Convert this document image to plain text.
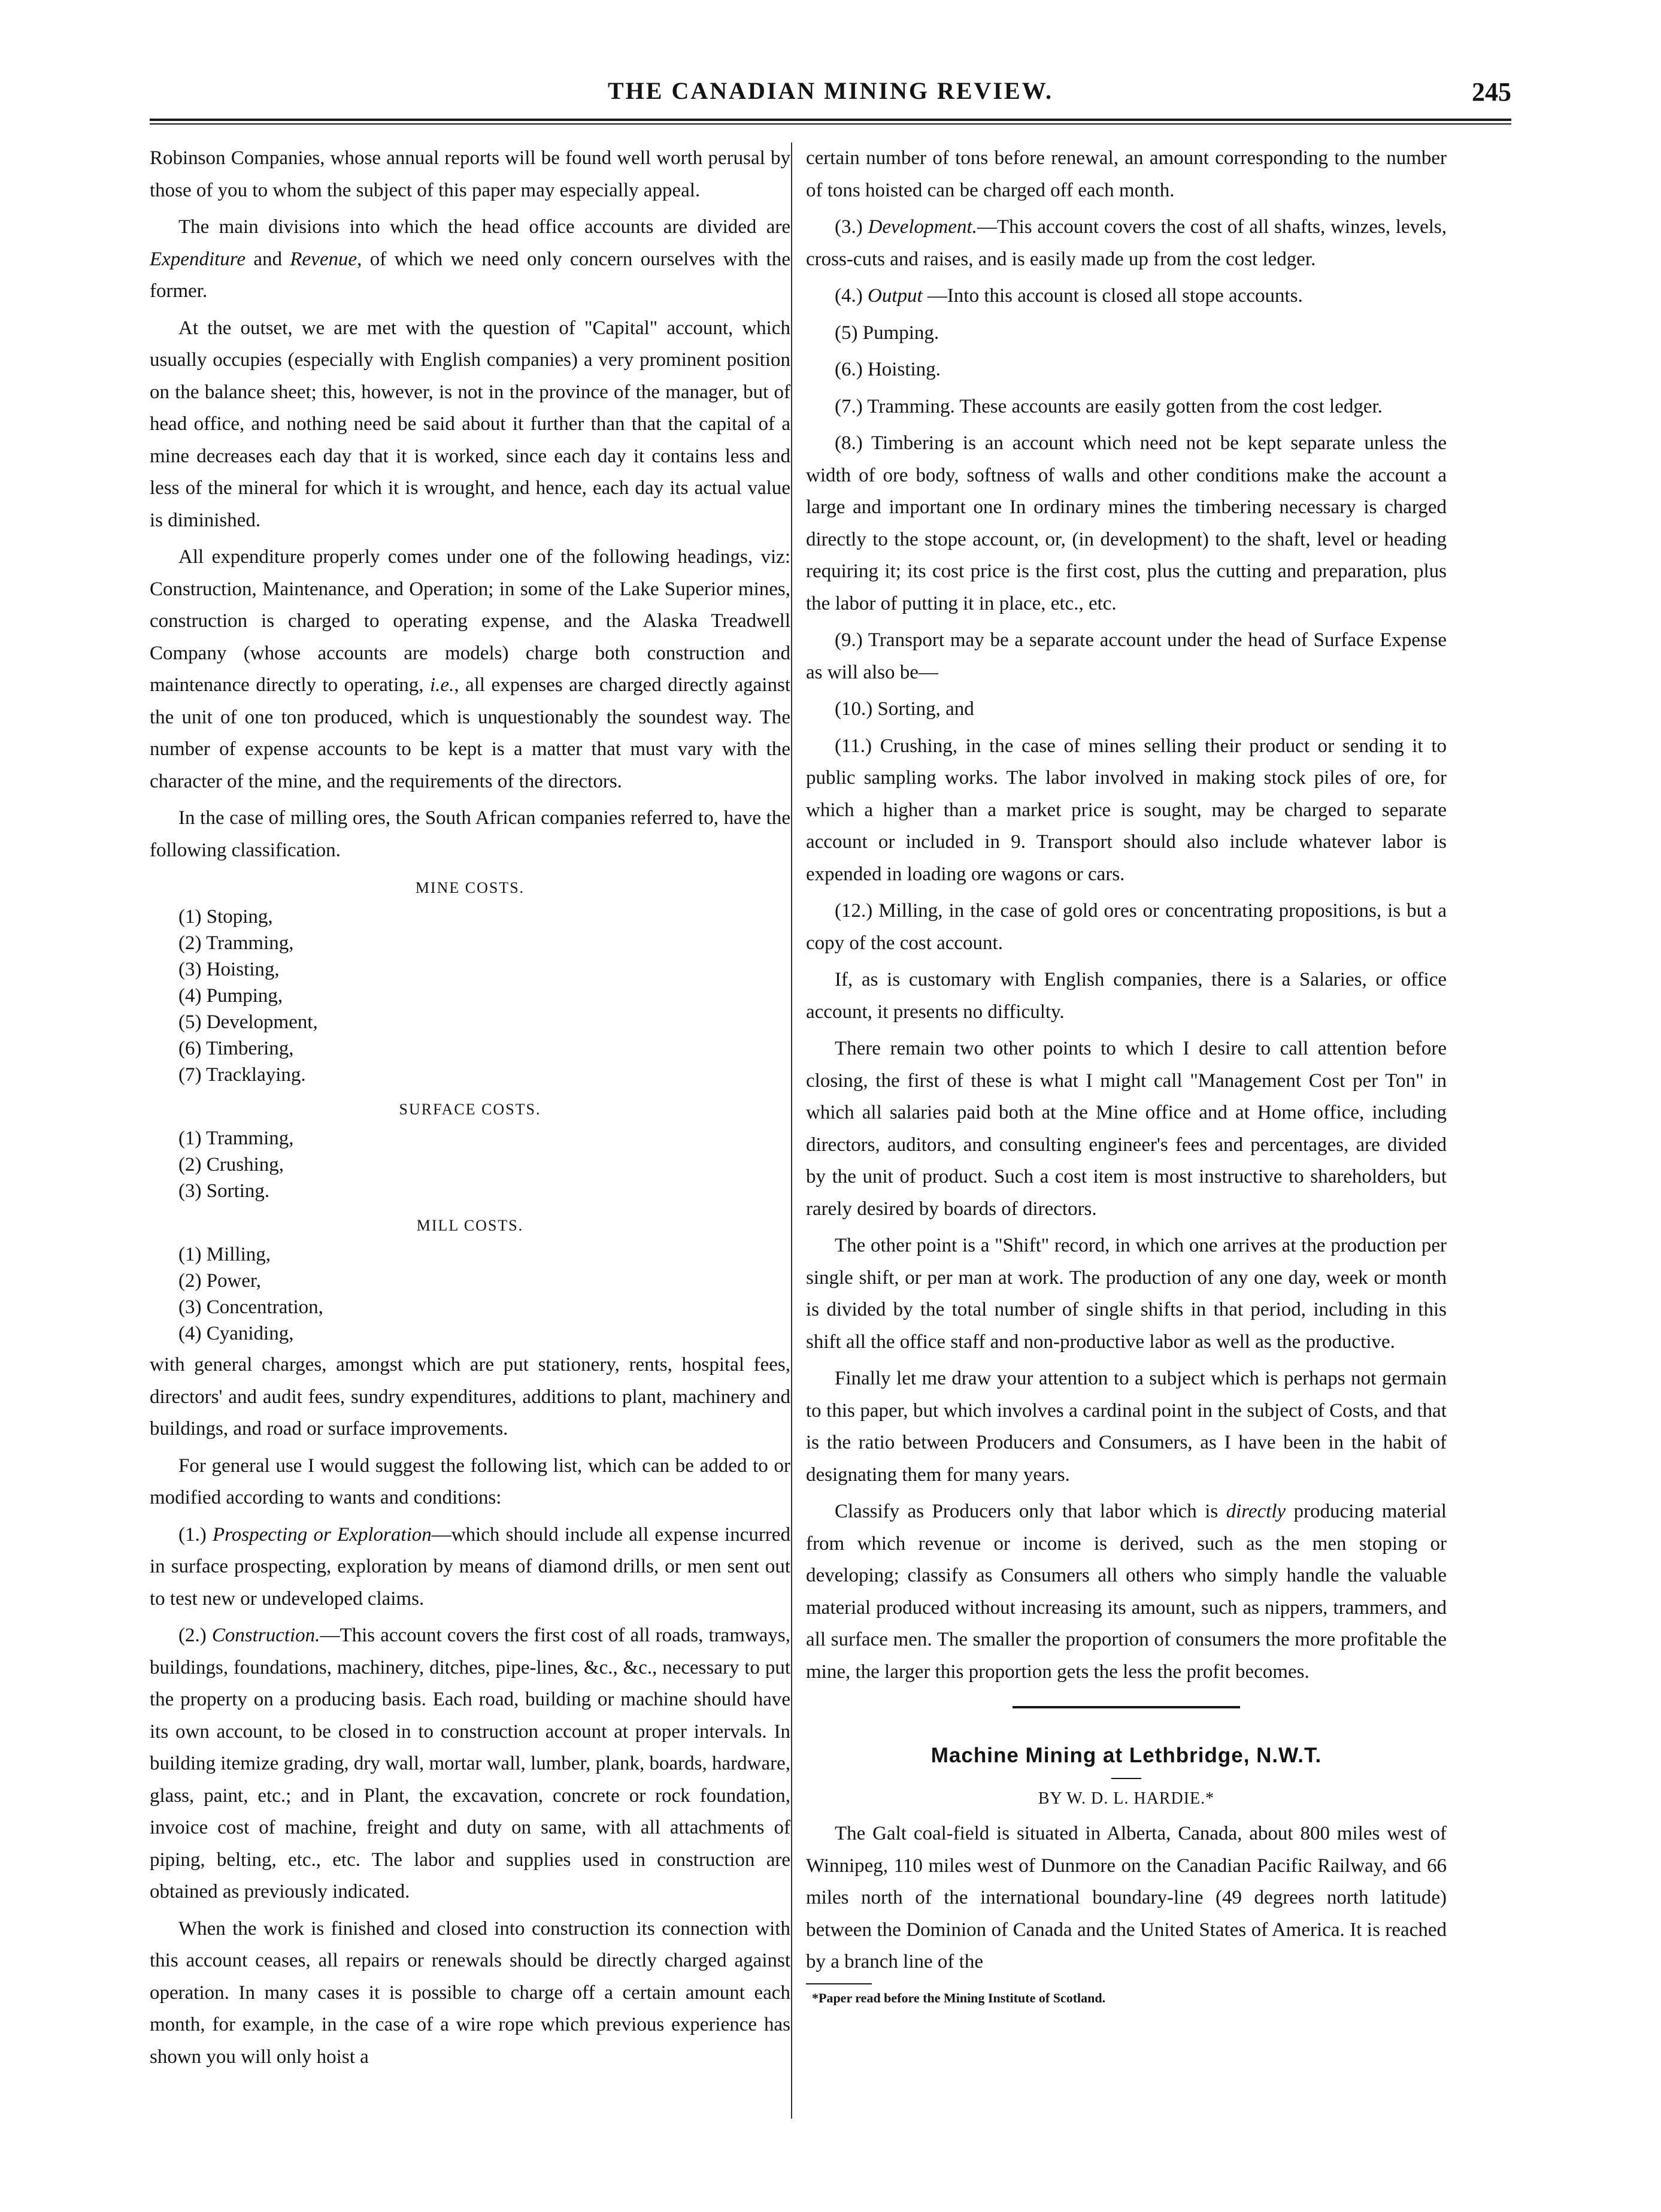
THE CANADIAN MINING REVIEW.	245

Robinson Companies, whose annual reports will be found well worth perusal by those of you to whom the subject of this paper may especially appeal.

The main divisions into which the head office accounts are divided are Expenditure and Revenue, of which we need only concern ourselves with the former.

At the outset, we are met with the question of "Capital" account, which usually occupies (especially with English companies) a very prominent position on the balance sheet; this, however, is not in the province of the manager, but of head office, and nothing need be said about it further than that the capital of a mine decreases each day that it is worked, since each day it contains less and less of the mineral for which it is wrought, and hence, each day its actual value is diminished.

All expenditure properly comes under one of the following headings, viz: Construction, Maintenance, and Operation; in some of the Lake Superior mines, construction is charged to operating expense, and the Alaska Treadwell Company (whose accounts are models) charge both construction and maintenance directly to operating, i.e., all expenses are charged directly against the unit of one ton produced, which is unquestionably the soundest way. The number of expense accounts to be kept is a matter that must vary with the character of the mine, and the requirements of the directors.

In the case of milling ores, the South African companies referred to, have the following classification.

MINE COSTS.
(1) Stoping,
(2) Tramming,
(3) Hoisting,
(4) Pumping,
(5) Development,
(6) Timbering,
(7) Tracklaying.
SURFACE COSTS.
(1) Tramming,
(2) Crushing,
(3) Sorting.
MILL COSTS.
(1) Milling,
(2) Power,
(3) Concentration,
(4) Cyaniding,

with general charges, amongst which are put stationery, rents, hospital fees, directors' and audit fees, sundry expenditures, additions to plant, machinery and buildings, and road or surface improvements.

For general use I would suggest the following list, which can be added to or modified according to wants and conditions:

(1.) Prospecting or Exploration—which should include all expense incurred in surface prospecting, exploration by means of diamond drills, or men sent out to test new or undeveloped claims.

(2.) Construction.—This account covers the first cost of all roads, tramways, buildings, foundations, machinery, ditches, pipe-lines, &c., &c., necessary to put the property on a producing basis. Each road, building or machine should have its own account, to be closed in to construction account at proper intervals. In building itemize grading, dry wall, mortar wall, lumber, plank, boards, hardware, glass, paint, etc.; and in Plant, the excavation, concrete or rock foundation, invoice cost of machine, freight and duty on same, with all attachments of piping, belting, etc., etc. The labor and supplies used in construction are obtained as previously indicated.

When the work is finished and closed into construction its connection with this account ceases, all repairs or renewals should be directly charged against operation. In many cases it is possible to charge off a certain amount each month, for example, in the case of a wire rope which previous experience has shown you will only hoist a

certain number of tons before renewal, an amount corresponding to the number of tons hoisted can be charged off each month.

(3.) Development.—This account covers the cost of all shafts, winzes, levels, cross-cuts and raises, and is easily made up from the cost ledger.

(4.) Output —Into this account is closed all stope accounts.

(5) Pumping.

(6.) Hoisting.

(7.) Tramming. These accounts are easily gotten from the cost ledger.

(8.) Timbering is an account which need not be kept separate unless the width of ore body, softness of walls and other conditions make the account a large and important one In ordinary mines the timbering necessary is charged directly to the stope account, or, (in development) to the shaft, level or heading requiring it; its cost price is the first cost, plus the cutting and preparation, plus the labor of putting it in place, etc., etc.

(9.) Transport may be a separate account under the head of Surface Expense as will also be—

(10.) Sorting, and

(11.) Crushing, in the case of mines selling their product or sending it to public sampling works. The labor involved in making stock piles of ore, for which a higher than a market price is sought, may be charged to separate account or included in 9. Transport should also include whatever labor is expended in loading ore wagons or cars.

(12.) Milling, in the case of gold ores or concentrating propositions, is but a copy of the cost account.

If, as is customary with English companies, there is a Salaries, or office account, it presents no difficulty.

There remain two other points to which I desire to call attention before closing, the first of these is what I might call "Management Cost per Ton" in which all salaries paid both at the Mine office and at Home office, including directors, auditors, and consulting engineer's fees and percentages, are divided by the unit of product. Such a cost item is most instructive to shareholders, but rarely desired by boards of directors.

The other point is a "Shift" record, in which one arrives at the production per single shift, or per man at work. The production of any one day, week or month is divided by the total number of single shifts in that period, including in this shift all the office staff and non-productive labor as well as the productive.

Finally let me draw your attention to a subject which is perhaps not germain to this paper, but which involves a cardinal point in the subject of Costs, and that is the ratio between Producers and Consumers, as I have been in the habit of designating them for many years.

Classify as Producers only that labor which is directly producing material from which revenue or income is derived, such as the men stoping or developing; classify as Consumers all others who simply handle the valuable material produced without increasing its amount, such as nippers, trammers, and all surface men. The smaller the proportion of consumers the more profitable the mine, the larger this proportion gets the less the profit becomes.

Machine Mining at Lethbridge, N.W.T.
BY W. D. L. HARDIE.*

The Galt coal-field is situated in Alberta, Canada, about 800 miles west of Winnipeg, 110 miles west of Dunmore on the Canadian Pacific Railway, and 66 miles north of the international boundary-line (49 degrees north latitude) between the Dominion of Canada and the United States of America. It is reached by a branch line of the

*Paper read before the Mining Institute of Scotland.
